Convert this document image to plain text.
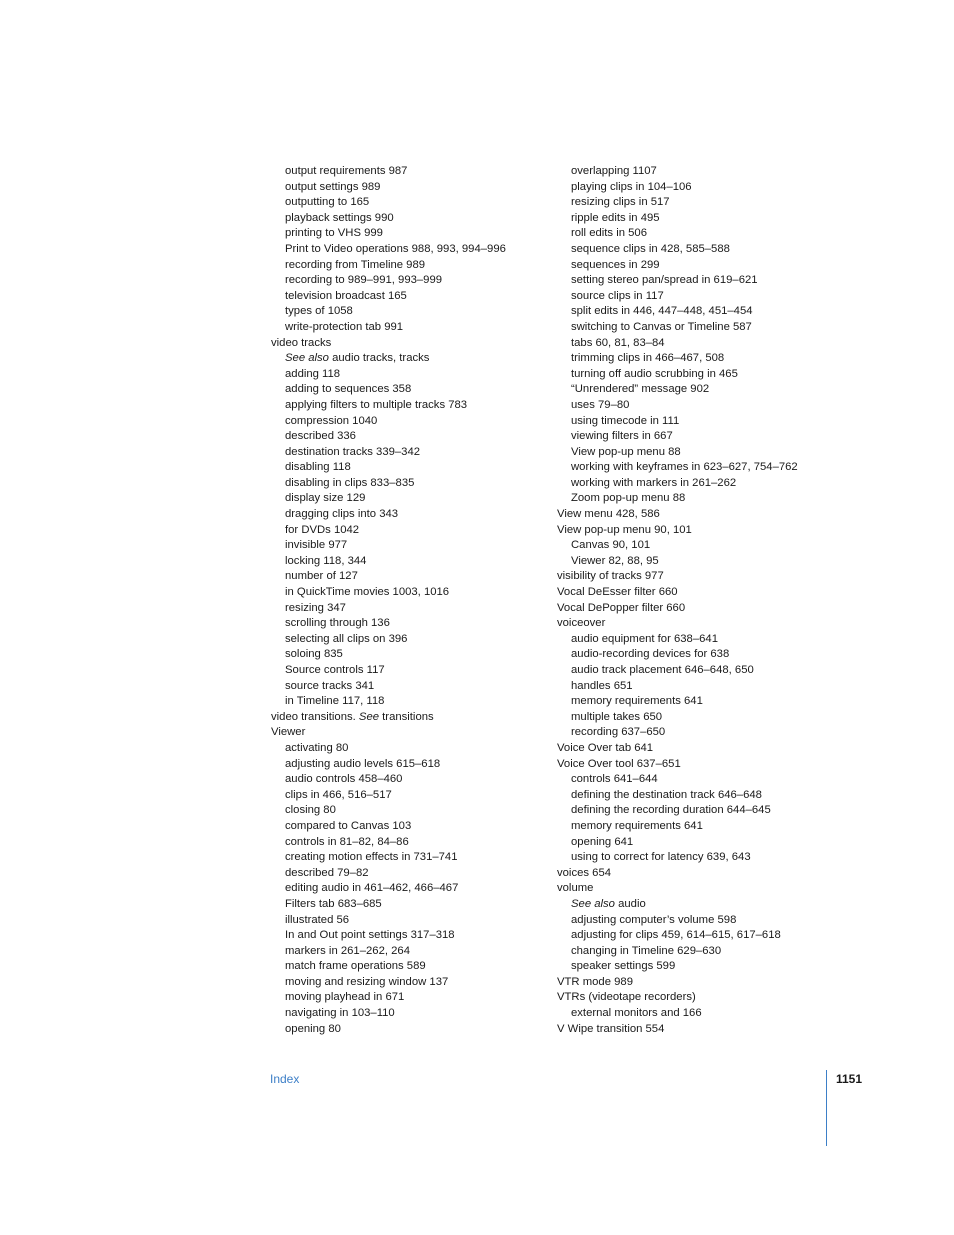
output requirements 987
output settings 989
outputting to 165
playback settings 990
printing to VHS 999
Print to Video operations 988, 993, 994–996
recording from Timeline 989
recording to 989–991, 993–999
television broadcast 165
types of 1058
write-protection tab 991
video tracks
See also audio tracks, tracks
adding 118
adding to sequences 358
applying filters to multiple tracks 783
compression 1040
described 336
destination tracks 339–342
disabling 118
disabling in clips 833–835
display size 129
dragging clips into 343
for DVDs 1042
invisible 977
locking 118, 344
number of 127
in QuickTime movies 1003, 1016
resizing 347
scrolling through 136
selecting all clips on 396
soloing 835
Source controls 117
source tracks 341
in Timeline 117, 118
video transitions. See transitions
Viewer
activating 80
adjusting audio levels 615–618
audio controls 458–460
clips in 466, 516–517
closing 80
compared to Canvas 103
controls in 81–82, 84–86
creating motion effects in 731–741
described 79–82
editing audio in 461–462, 466–467
Filters tab 683–685
illustrated 56
In and Out point settings 317–318
markers in 261–262, 264
match frame operations 589
moving and resizing window 137
moving playhead in 671
navigating in 103–110
opening 80
overlapping 1107
playing clips in 104–106
resizing clips in 517
ripple edits in 495
roll edits in 506
sequence clips in 428, 585–588
sequences in 299
setting stereo pan/spread in 619–621
source clips in 117
split edits in 446, 447–448, 451–454
switching to Canvas or Timeline 587
tabs 60, 81, 83–84
trimming clips in 466–467, 508
turning off audio scrubbing in 465
“Unrendered” message 902
uses 79–80
using timecode in 111
viewing filters in 667
View pop-up menu 88
working with keyframes in 623–627, 754–762
working with markers in 261–262
Zoom pop-up menu 88
View menu 428, 586
View pop-up menu 90, 101
Canvas 90, 101
Viewer 82, 88, 95
visibility of tracks 977
Vocal DeEsser filter 660
Vocal DePopper filter 660
voiceover
audio equipment for 638–641
audio-recording devices for 638
audio track placement 646–648, 650
handles 651
memory requirements 641
multiple takes 650
recording 637–650
Voice Over tab 641
Voice Over tool 637–651
controls 641–644
defining the destination track 646–648
defining the recording duration 644–645
memory requirements 641
opening 641
using to correct for latency 639, 643
voices 654
volume
See also audio
adjusting computer’s volume 598
adjusting for clips 459, 614–615, 617–618
changing in Timeline 629–630
speaker settings 599
VTR mode 989
VTRs (videotape recorders)
external monitors and 166
V Wipe transition 554
Index	1151
